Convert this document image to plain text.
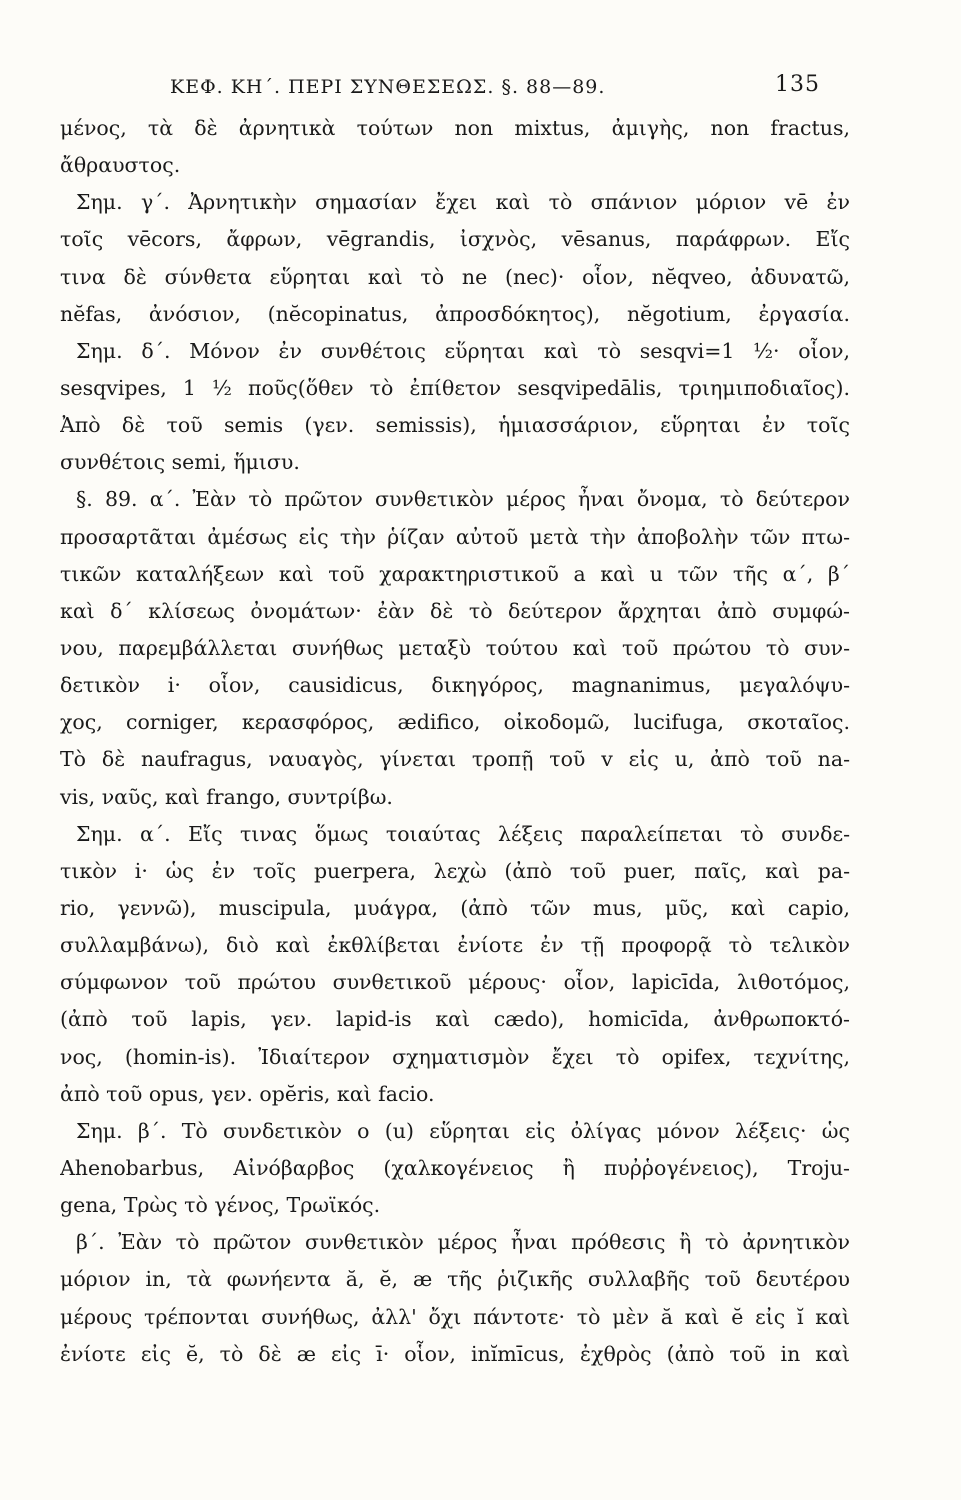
ΚΕΦ. ΚΗ΄. ΠΕΡΙ ΣΥΝΘΕΣΕΩΣ. §. 88—89.	135
μένος, τὰ δὲ ἀρνητικὰ τούτων non mixtus, ἀμιγὴς, non fractus,
ἄθραυστος.
Σημ. γ΄. Ἀρνητικὴν σημασίαν ἔχει καὶ τὸ σπάνιον μόριον vē ἐν
τοῖς vēcors, ἄφρων, vēgrandis, ἰσχνὸς, vēsanus, παράφρων. Εἴς
τινα δὲ σύνθετα εὕρηται καὶ τὸ ne (nec)· οἷον, nĕqveo, ἀδυνατῶ,
nĕfas, ἀνόσιον, (nĕcopinatus, ἀπροσδόκητος), nĕgotium, ἐργασία.
Σημ. δ΄. Μόνον ἐν συνθέτοις εὕρηται καὶ τὸ sesqvi=1 ½· οἷον,
sesqvipes, 1 ½ ποῦς(ὅθεν τὸ ἐπίθετον sesqvipedālis, τριημιποδιαῖος).
Ἀπὸ δὲ τοῦ semis (γεν. semissis), ἡμιασσάριον, εὕρηται ἐν τοῖς
συνθέτοις semi, ἥμισυ.
§. 89. α΄. Ἐὰν τὸ πρῶτον συνθετικὸν μέρος ἦναι ὄνομα, τὸ δεύτερον
προσαρτᾶται ἀμέσως εἰς τὴν ῥίζαν αὐτοῦ μετὰ τὴν ἀποβολὴν τῶν πτω-
τικῶν καταλήξεων καὶ τοῦ χαρακτηριστικοῦ a καὶ u τῶν τῆς α΄, β΄
καὶ δ΄ κλίσεως ὀνομάτων· ἐὰν δὲ τὸ δεύτερον ἄρχηται ἀπὸ συμφώ-
νου, παρεμβάλλεται συνήθως μεταξὺ τούτου καὶ τοῦ πρώτου τὸ συν-
δετικὸν i· οἷον, causidicus, δικηγόρος, magnanimus, μεγαλόψυ-
χος, corniger, κερασφόρος, ædifico, οἰκοδομῶ, lucifuga, σκοταῖος.
Τὸ δὲ naufragus, ναυαγὸς, γίνεται τροπῇ τοῦ v εἰς u, ἀπὸ τοῦ na-
vis, ναῦς, καὶ frango, συντρίβω.
Σημ. α΄. Εἴς τινας ὅμως τοιαύτας λέξεις παραλείπεται τὸ συνδε-
τικὸν i· ὡς ἐν τοῖς puerpera, λεχὼ (ἀπὸ τοῦ puer, παῖς, καὶ pa-
rio, γεννῶ), muscipula, μυάγρα, (ἀπὸ τῶν mus, μῦς, καὶ capio,
συλλαμβάνω), διὸ καὶ ἐκθλίβεται ἐνίοτε ἐν τῇ προφορᾷ τὸ τελικὸν
σύμφωνον τοῦ πρώτου συνθετικοῦ μέρους· οἷον, lapicīda, λιθοτόμος,
(ἀπὸ τοῦ lapis, γεν. lapid-is καὶ cædo), homicīda, ἀνθρωποκτό-
νος, (homin-is). Ἰδιαίτερον σχηματισμὸν ἔχει τὸ opifex, τεχνίτης,
ἀπὸ τοῦ opus, γεν. opĕris, καὶ facio.
Σημ. β΄. Τὸ συνδετικὸν o (u) εὕρηται εἰς ὀλίγας μόνον λέξεις· ὡς
Ahenobarbus, Αἰνόβαρβος (χαλκογένειος ἢ πυῤῥογένειος), Troju-
gena, Τρὼς τὸ γένος, Τρωϊκός.
β΄. Ἐὰν τὸ πρῶτον συνθετικὸν μέρος ἦναι πρόθεσις ἢ τὸ ἀρνητικὸν
μόριον in, τὰ φωνήεντα ă, ĕ, æ τῆς ῥιζικῆς συλλαβῆς τοῦ δευτέρου
μέρους τρέπονται συνήθως, ἀλλ' ὄχι πάντοτε· τὸ μὲν ă καὶ ĕ εἰς ĭ καὶ
ἐνίοτε εἰς ĕ, τὸ δὲ æ εἰς ī· οἷον, inĭmīcus, ἐχθρὸς (ἀπὸ τοῦ in καὶ
